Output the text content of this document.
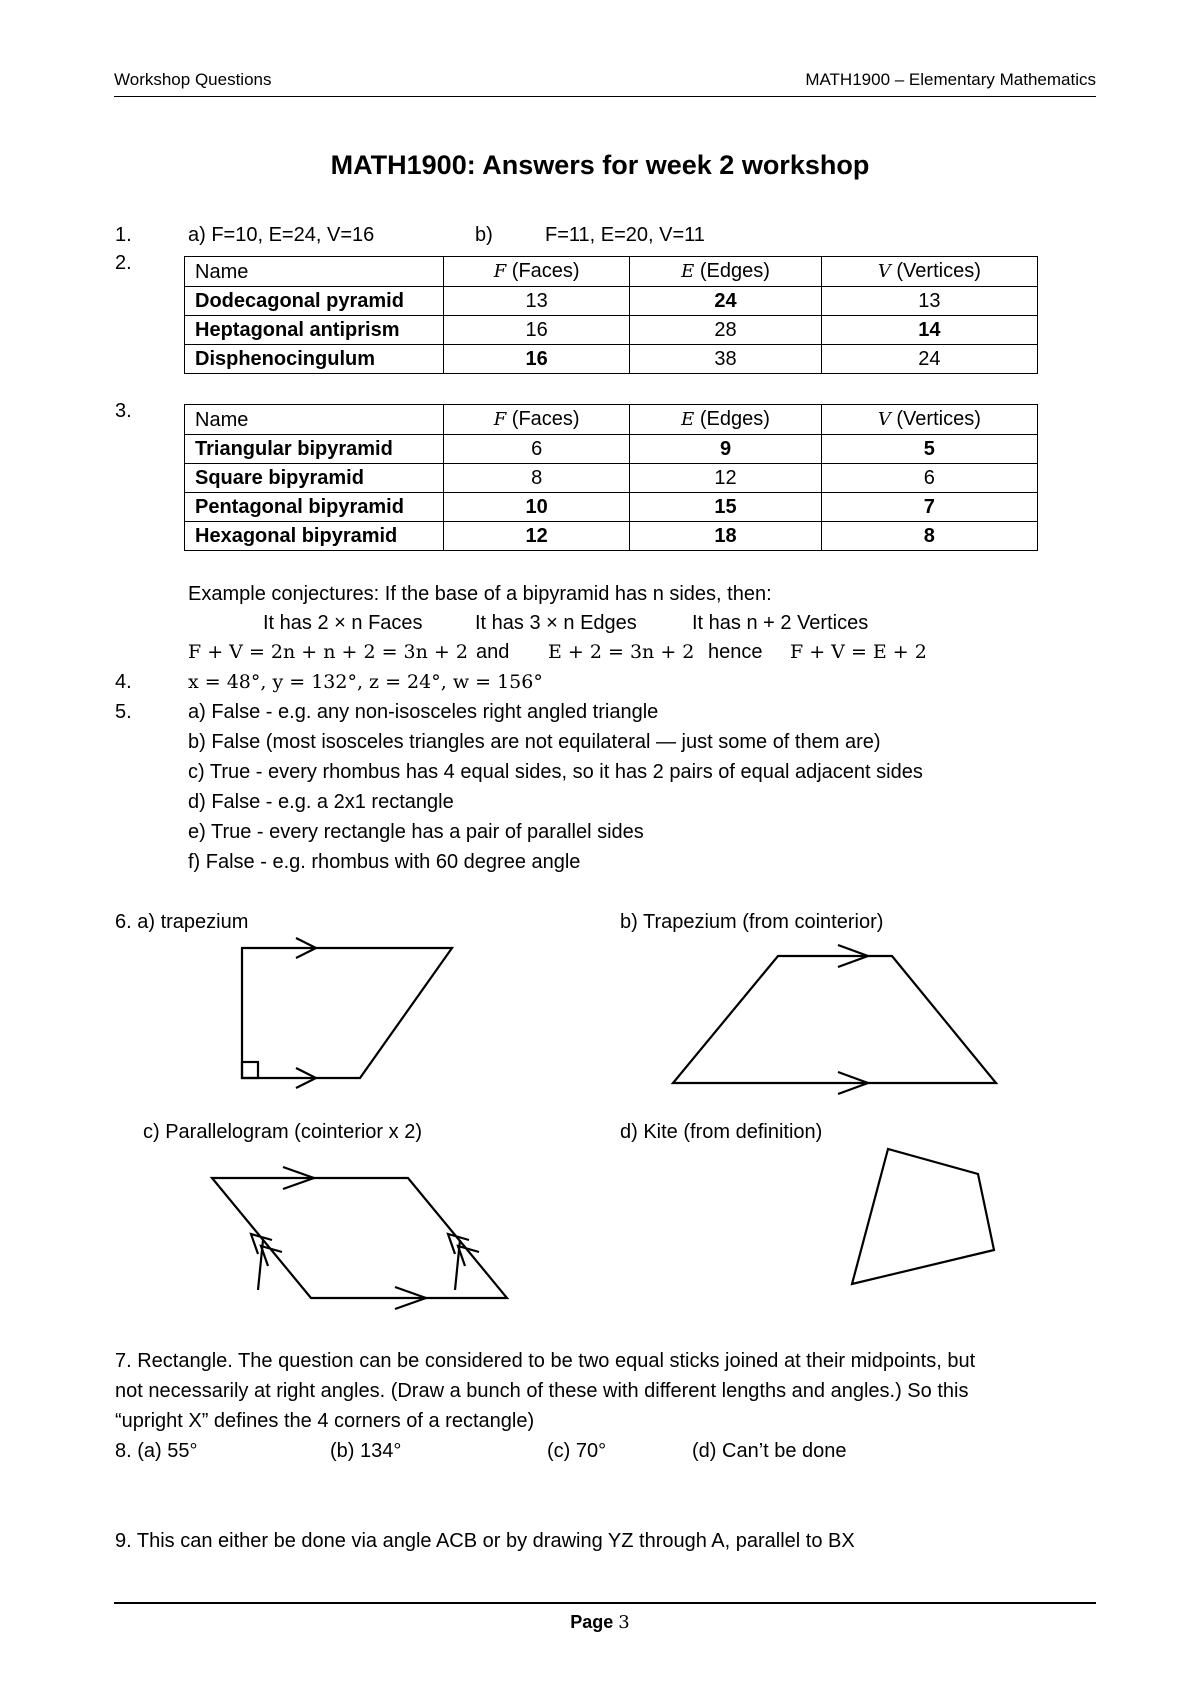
Workshop Questions	MATH1900 – Elementary Mathematics
MATH1900: Answers for week 2 workshop
1.	a) F=10, E=24, V=16	b)	F=11, E=20, V=11
2.	Name	F (Faces)	E (Edges)	V (Vertices)
Dodecagonal pyramid	13	24	13
Heptagonal antiprism	16	28	14
Disphenocingulum	16	38	24
3.	Name	F (Faces)	E (Edges)	V (Vertices)
Triangular bipyramid	6	9	5
Square bipyramid	8	12	6
Pentagonal bipyramid	10	15	7
Hexagonal bipyramid	12	18	8
Example conjectures: If the base of a bipyramid has n sides, then:
It has 2 × n Faces	It has 3 × n Edges	It has n + 2 Vertices
F + V = 2n + n + 2 = 3n + 2 and E + 2 = 3n + 2 hence F + V = E + 2
4.	x = 48°, y = 132°, z = 24°, w = 156°
5.	a) False - e.g. any non-isosceles right angled triangle
b) False (most isosceles triangles are not equilateral — just some of them are)
c) True - every rhombus has 4 equal sides, so it has 2 pairs of equal adjacent sides
d) False - e.g. a 2x1 rectangle
e) True - every rectangle has a pair of parallel sides
f) False - e.g. rhombus with 60 degree angle
6. a) trapezium	b) Trapezium (from cointerior)
c) Parallelogram (cointerior x 2)	d) Kite (from definition)
7. Rectangle. The question can be considered to be two equal sticks joined at their midpoints, but
not necessarily at right angles. (Draw a bunch of these with different lengths and angles.) So this
“upright X” defines the 4 corners of a rectangle)
8. (a) 55°	(b) 134°	(c) 70°	(d) Can’t be done
9. This can either be done via angle ACB or by drawing YZ through A, parallel to BX
Page 3
